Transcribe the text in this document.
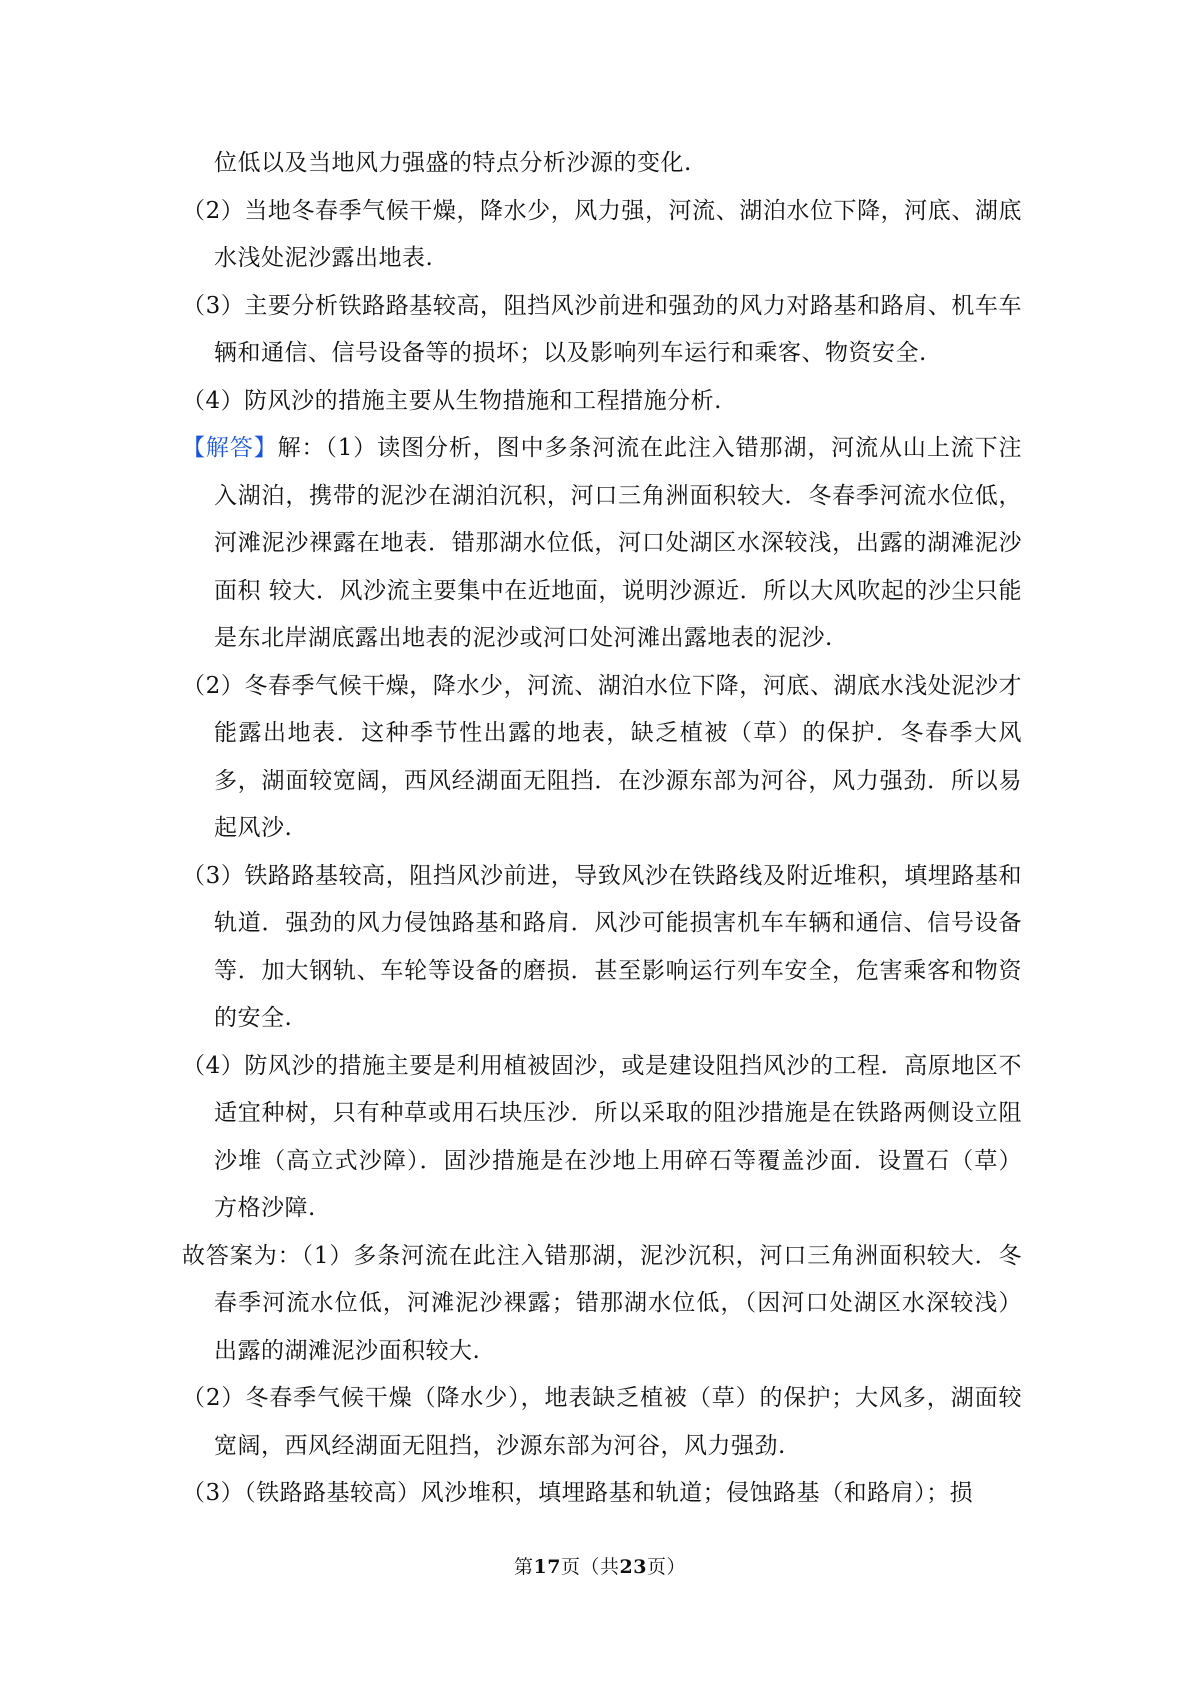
位低以及当地风力强盛的特点分析沙源的变化.

（2）当地冬春季气候干燥，降水少，风力强，河流、湖泊水位下降，河底、湖底水浅处泥沙露出地表.

（3）主要分析铁路路基较高，阻挡风沙前进和强劲的风力对路基和路肩、机车车辆和通信、信号设备等的损坏；以及影响列车运行和乘客、物资安全.

（4）防风沙的措施主要从生物措施和工程措施分析.

【解答】解：（1）读图分析，图中多条河流在此注入错那湖，河流从山上流下注入湖泊，携带的泥沙在湖泊沉积，河口三角洲面积较大．冬春季河流水位低，河滩泥沙裸露在地表．错那湖水位低，河口处湖区水深较浅，出露的湖滩泥沙面积 较大．风沙流主要集中在近地面，说明沙源近．所以大风吹起的沙尘只能是东北岸湖底露出地表的泥沙或河口处河滩出露地表的泥沙.

（2）冬春季气候干燥，降水少，河流、湖泊水位下降，河底、湖底水浅处泥沙才能露出地表．这种季节性出露的地表，缺乏植被（草）的保护．冬春季大风多，湖面较宽阔，西风经湖面无阻挡．在沙源东部为河谷，风力强劲．所以易起风沙.

（3）铁路路基较高，阻挡风沙前进，导致风沙在铁路线及附近堆积，填埋路基和轨道．强劲的风力侵蚀路基和路肩．风沙可能损害机车车辆和通信、信号设备等．加大钢轨、车轮等设备的磨损．甚至影响运行列车安全，危害乘客和物资的安全.

（4）防风沙的措施主要是利用植被固沙，或是建设阻挡风沙的工程．高原地区不适宜种树，只有种草或用石块压沙．所以采取的阻沙措施是在铁路两侧设立阻沙堆（高立式沙障）．固沙措施是在沙地上用碎石等覆盖沙面．设置石（草）方格沙障.

故答案为：（1）多条河流在此注入错那湖，泥沙沉积，河口三角洲面积较大．冬春季河流水位低，河滩泥沙裸露；错那湖水位低，（因河口处湖区水深较浅）出露的湖滩泥沙面积较大.

（2）冬春季气候干燥（降水少），地表缺乏植被（草）的保护；大风多，湖面较宽阔，西风经湖面无阻挡，沙源东部为河谷，风力强劲.

（3）（铁路路基较高）风沙堆积，填埋路基和轨道；侵蚀路基（和路肩）；损

第17页（共23页）
